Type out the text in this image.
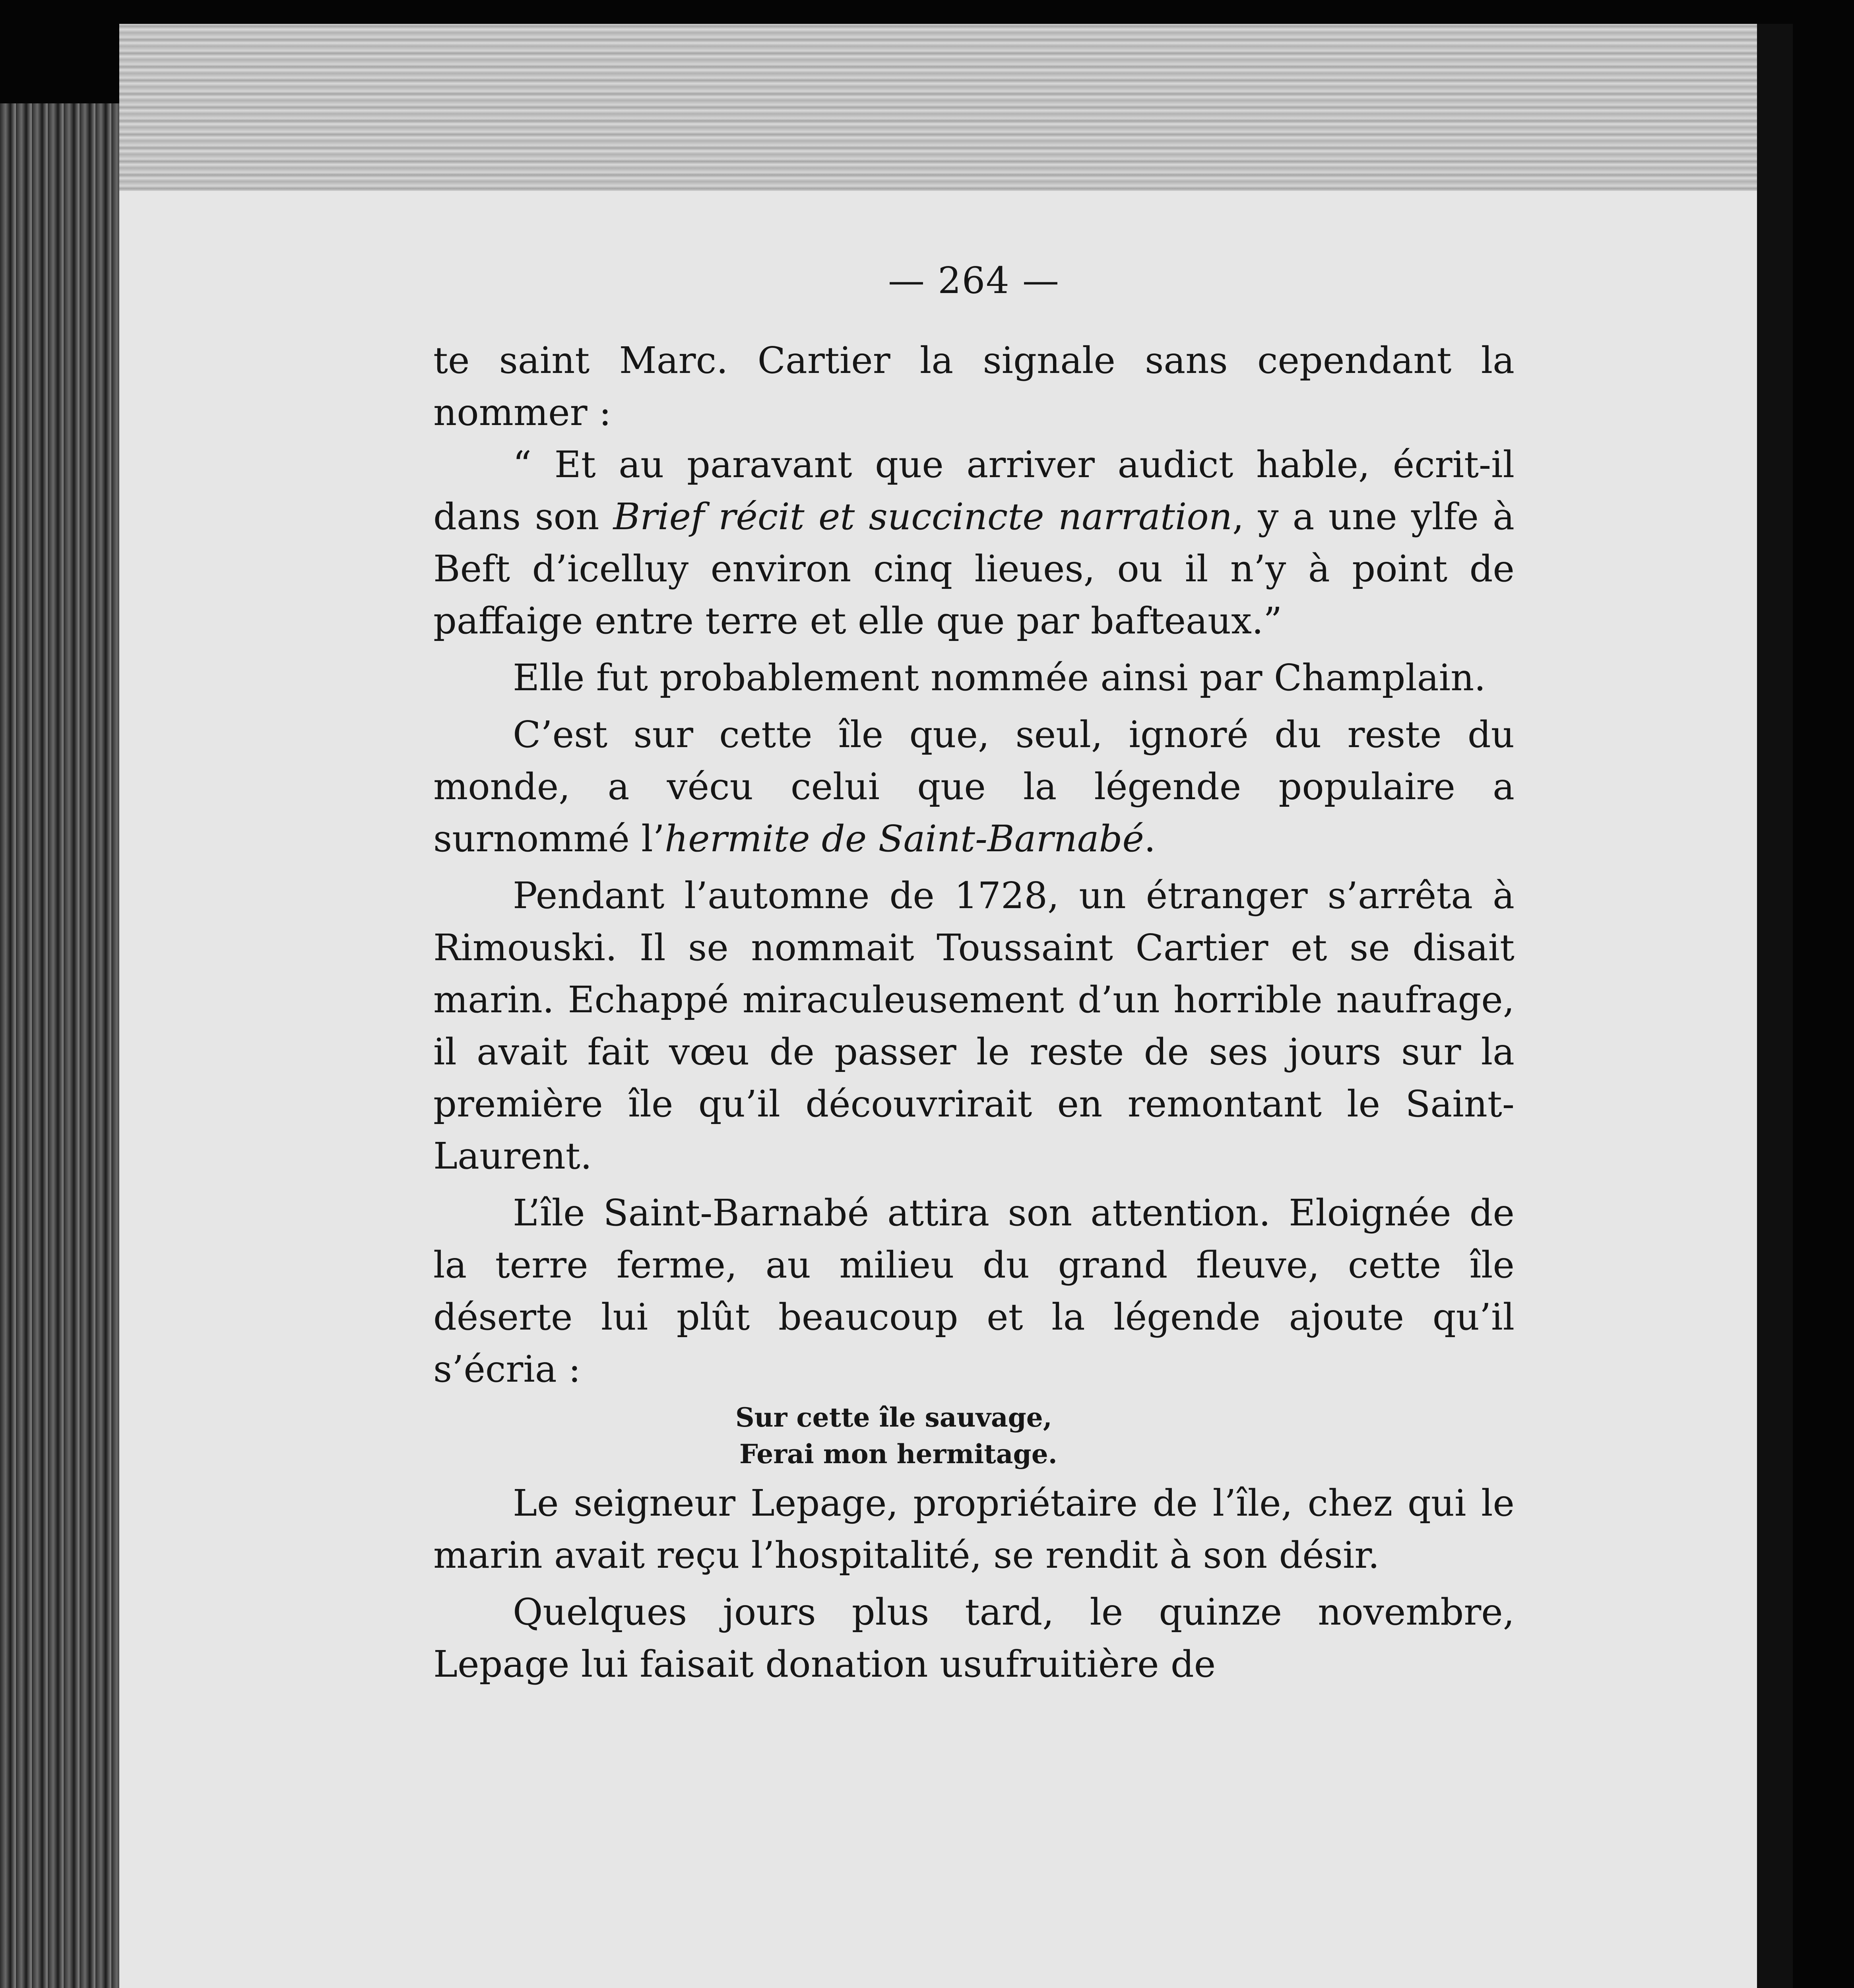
— 264 —

te saint Marc. Cartier la signale sans cependant la nommer :

“ Et au paravant que arriver audict hable, écrit-il dans son Brief récit et succincte narration, y a une ylfe à Beft d’icelluy environ cinq lieues, ou il n’y à point de paffaige entre terre et elle que par bafteaux.”

Elle fut probablement nommée ainsi par Champlain.

C’est sur cette île que, seul, ignoré du reste du monde, a vécu celui que la légende populaire a surnommé l’hermite de Saint-Barnabé.

Pendant l’automne de 1728, un étranger s’arrêta à Rimouski. Il se nommait Toussaint Cartier et se disait marin. Echappé miraculeusement d’un horrible naufrage, il avait fait vœu de passer le reste de ses jours sur la première île qu’il découvrirait en remontant le Saint-Laurent.

L’île Saint-Barnabé attira son attention. Eloignée de la terre ferme, au milieu du grand fleuve, cette île déserte lui plût beaucoup et la légende ajoute qu’il s’écria :

Sur cette île sauvage,
Ferai mon hermitage.

Le seigneur Lepage, propriétaire de l’île, chez qui le marin avait reçu l’hospitalité, se rendit à son désir.

Quelques jours plus tard, le quinze novembre, Lepage lui faisait donation usufruitière de
